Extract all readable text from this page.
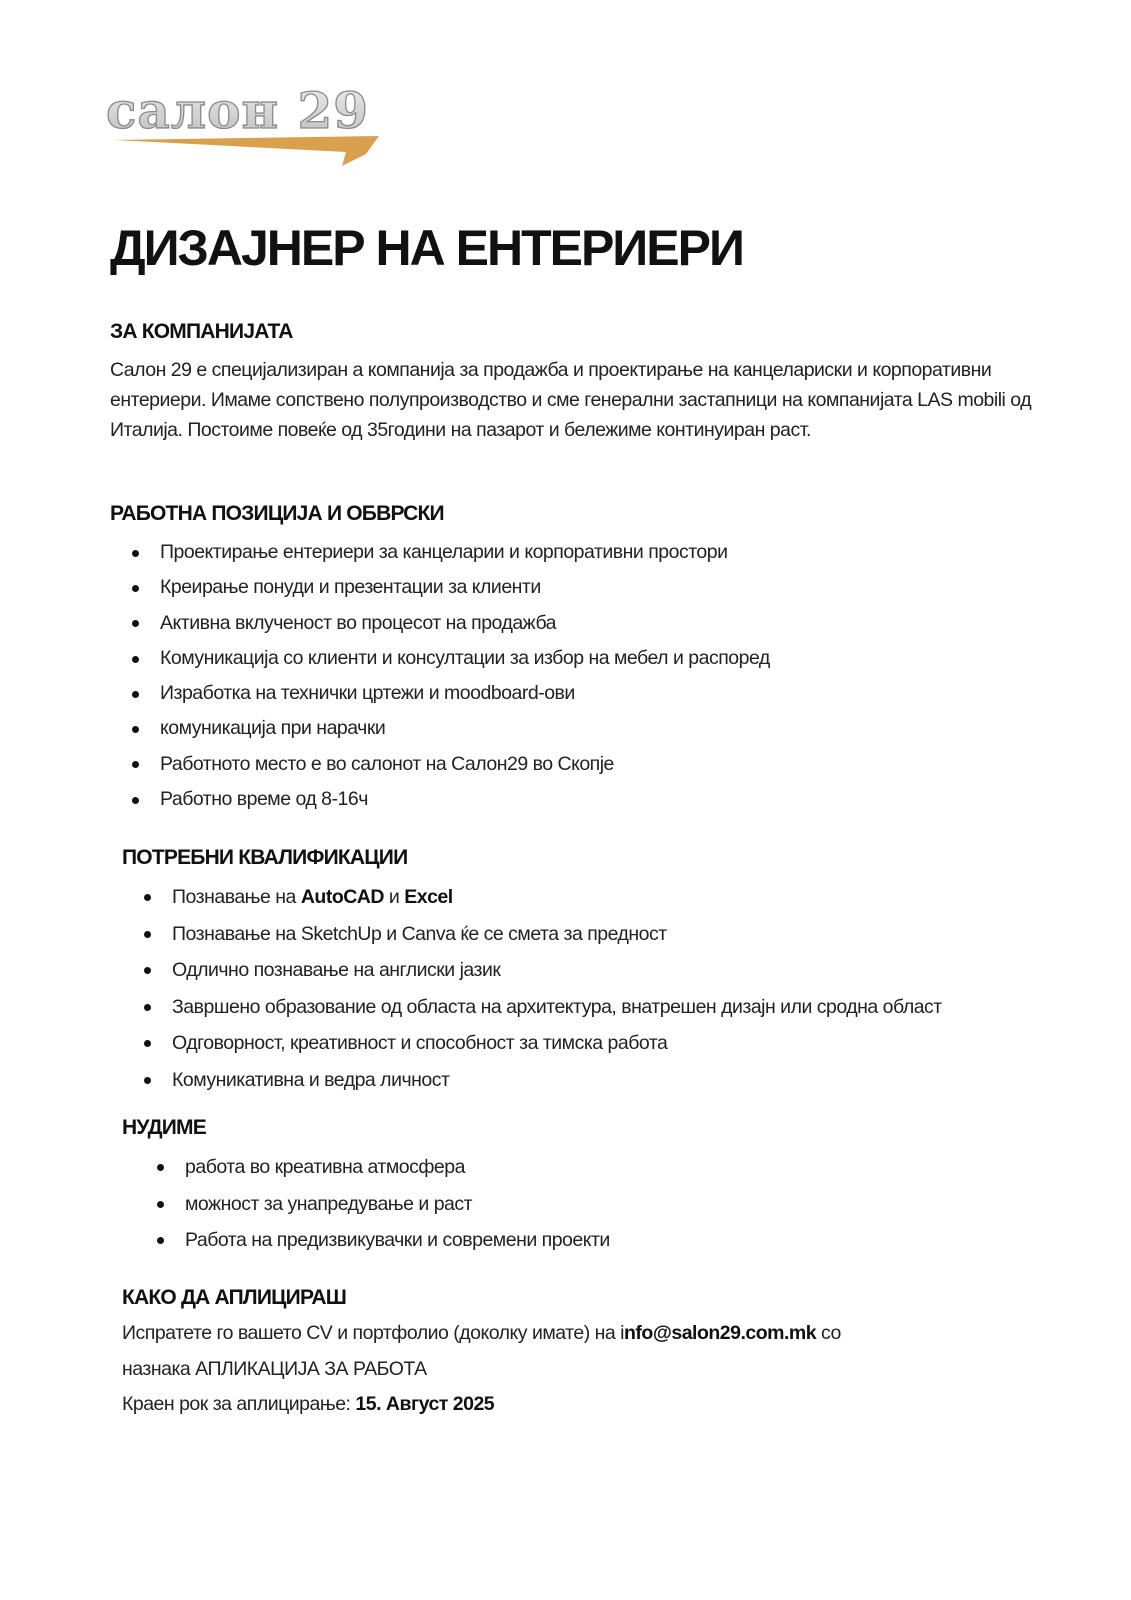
салон 29
ДИЗАЈНЕР НА ЕНТЕРИЕРИ
ЗА КОМПАНИЈАТА

Салон 29 е специјализиран а компанија за продажба и проектирање на канцелариски и корпоративни ентериери. Имаме сопствено полупроизводство и сме генерални застапници на компанијата LAS mobili од Италија. Постоиме повеќе од 35години на пазарот и бележиме континуиран раст.

РАБОТНА ПОЗИЦИЈА И ОБВРСКИ
Проектирање ентериери за канцеларии и корпоративни простори
Креирање понуди и презентации за клиенти
Активна вклученост во процесот на продажба
Комуникација со клиенти и консултации за избор на мебел и распоред
Изработка на технички цртежи и moodboard-ови
комуникација при нарачки
Работното место е во салонот на Салон29 во Скопје
Работно време од 8-16ч
ПОТРЕБНИ КВАЛИФИКАЦИИ
Познавање на AutoCAD и Excel
Познавање на SketchUp и Canva ќе се смета за предност
Одлично познавање на англиски јазик
Завршено образование од областа на архитектура, внатрешен дизајн или сродна област
Одговорност, креативност и способност за тимска работа
Комуникативна и ведра личност
НУДИМЕ
работа во креативна атмосфера
можност за унапредување и раст
Работа на предизвикувачки и современи проекти
КАКО ДА АПЛИЦИРАШ

Испратете го вашето CV и портфолио (доколку имате) на info@salon29.com.mk со

назнака АПЛИКАЦИЈА ЗА РАБОТА

Краен рок за аплицирање: 15. Август 2025
